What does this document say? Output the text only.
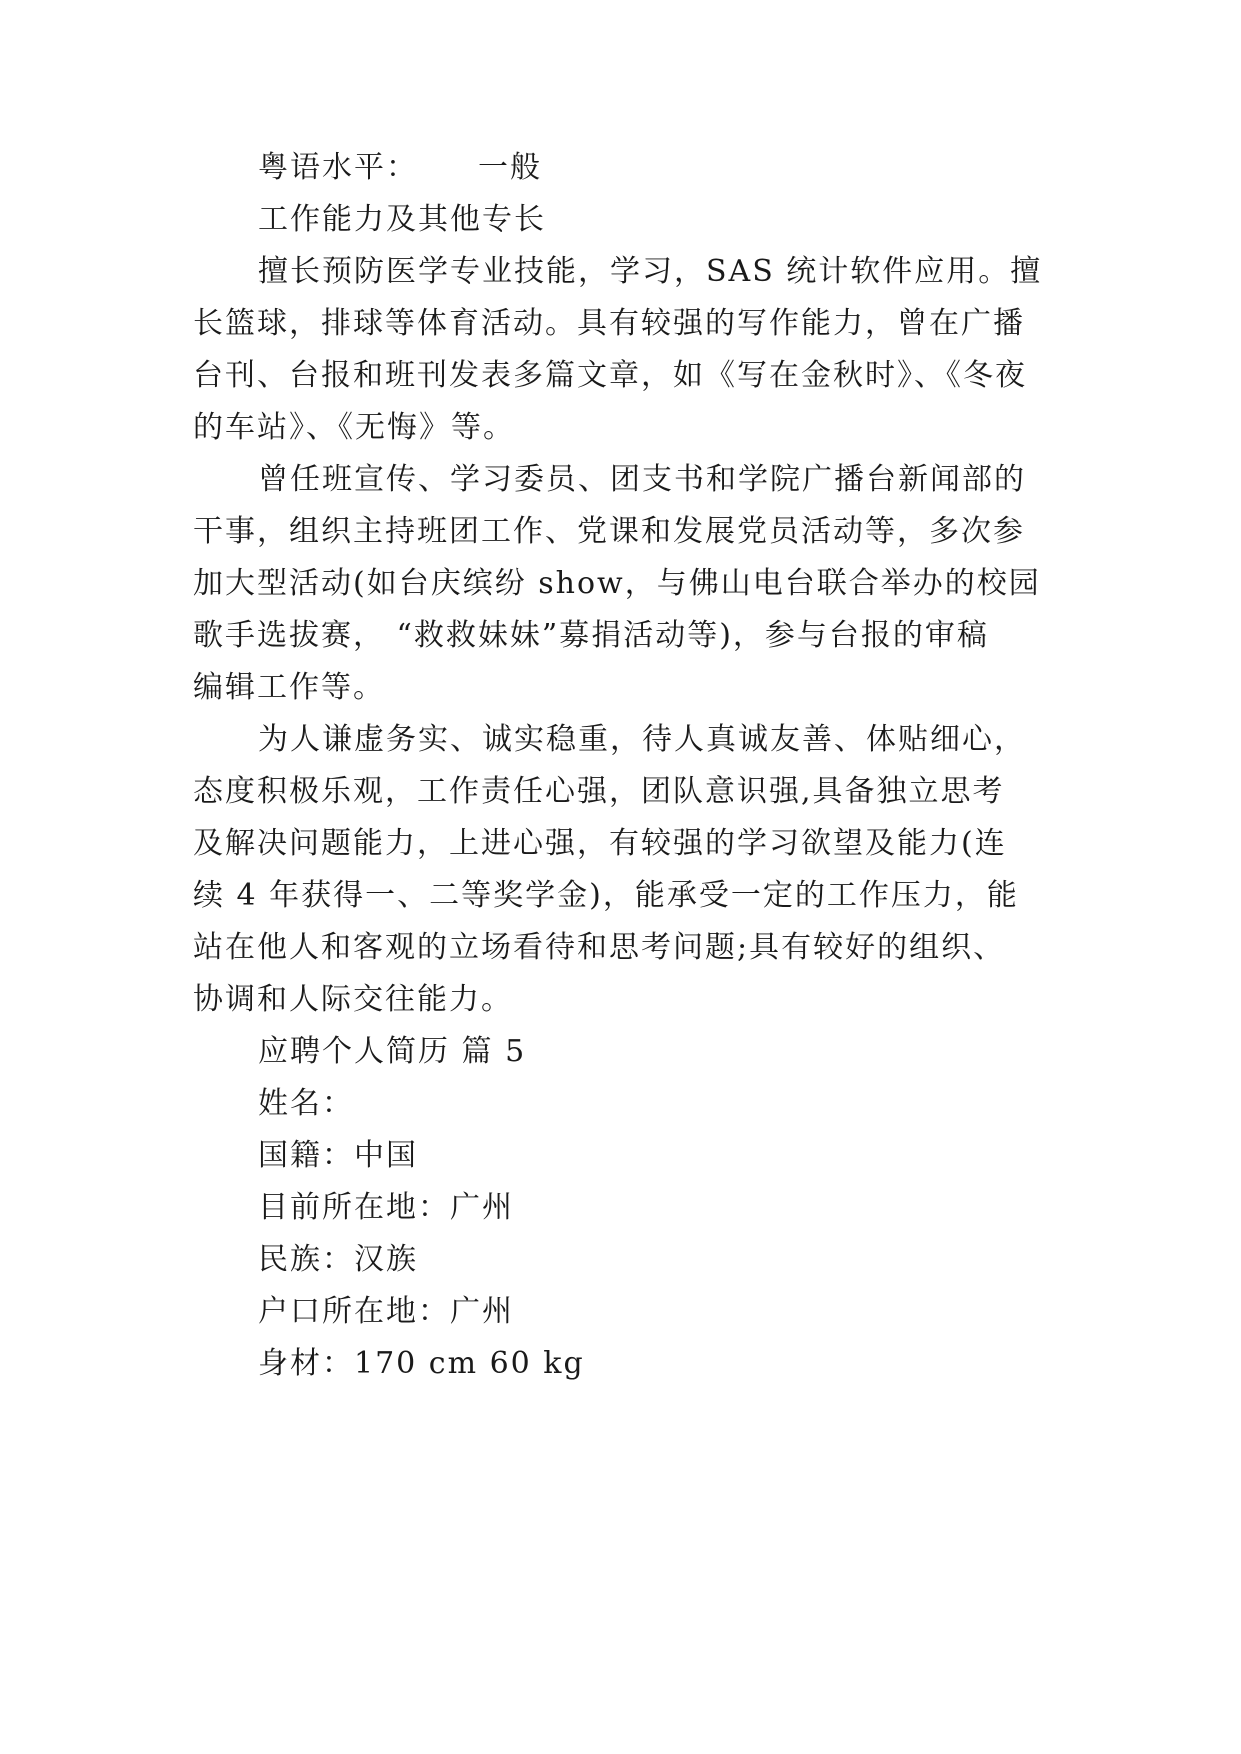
粤语水平： 一般
工作能力及其他专长
擅长预防医学专业技能，学习，SAS 统计软件应用。擅
长篮球，排球等体育活动。具有较强的写作能力，曾在广播
台刊、台报和班刊发表多篇文章，如《写在金秋时》、《冬夜
的车站》、《无悔》等。
曾任班宣传、学习委员、团支书和学院广播台新闻部的
干事，组织主持班团工作、党课和发展党员活动等，多次参
加大型活动(如台庆缤纷 show，与佛山电台联合举办的校园
歌手选拔赛， “救救妹妹”募捐活动等)，参与台报的审稿
编辑工作等。
为人谦虚务实、诚实稳重，待人真诚友善、体贴细心，
态度积极乐观，工作责任心强，团队意识强,具备独立思考
及解决问题能力，上进心强，有较强的学习欲望及能力(连
续 4 年获得一、二等奖学金)，能承受一定的工作压力，能
站在他人和客观的立场看待和思考问题;具有较好的组织、
协调和人际交往能力。
应聘个人简历 篇 5
姓名：
国籍：中国
目前所在地：广州
民族：汉族
户口所在地：广州
身材：170 cm 60 kg
